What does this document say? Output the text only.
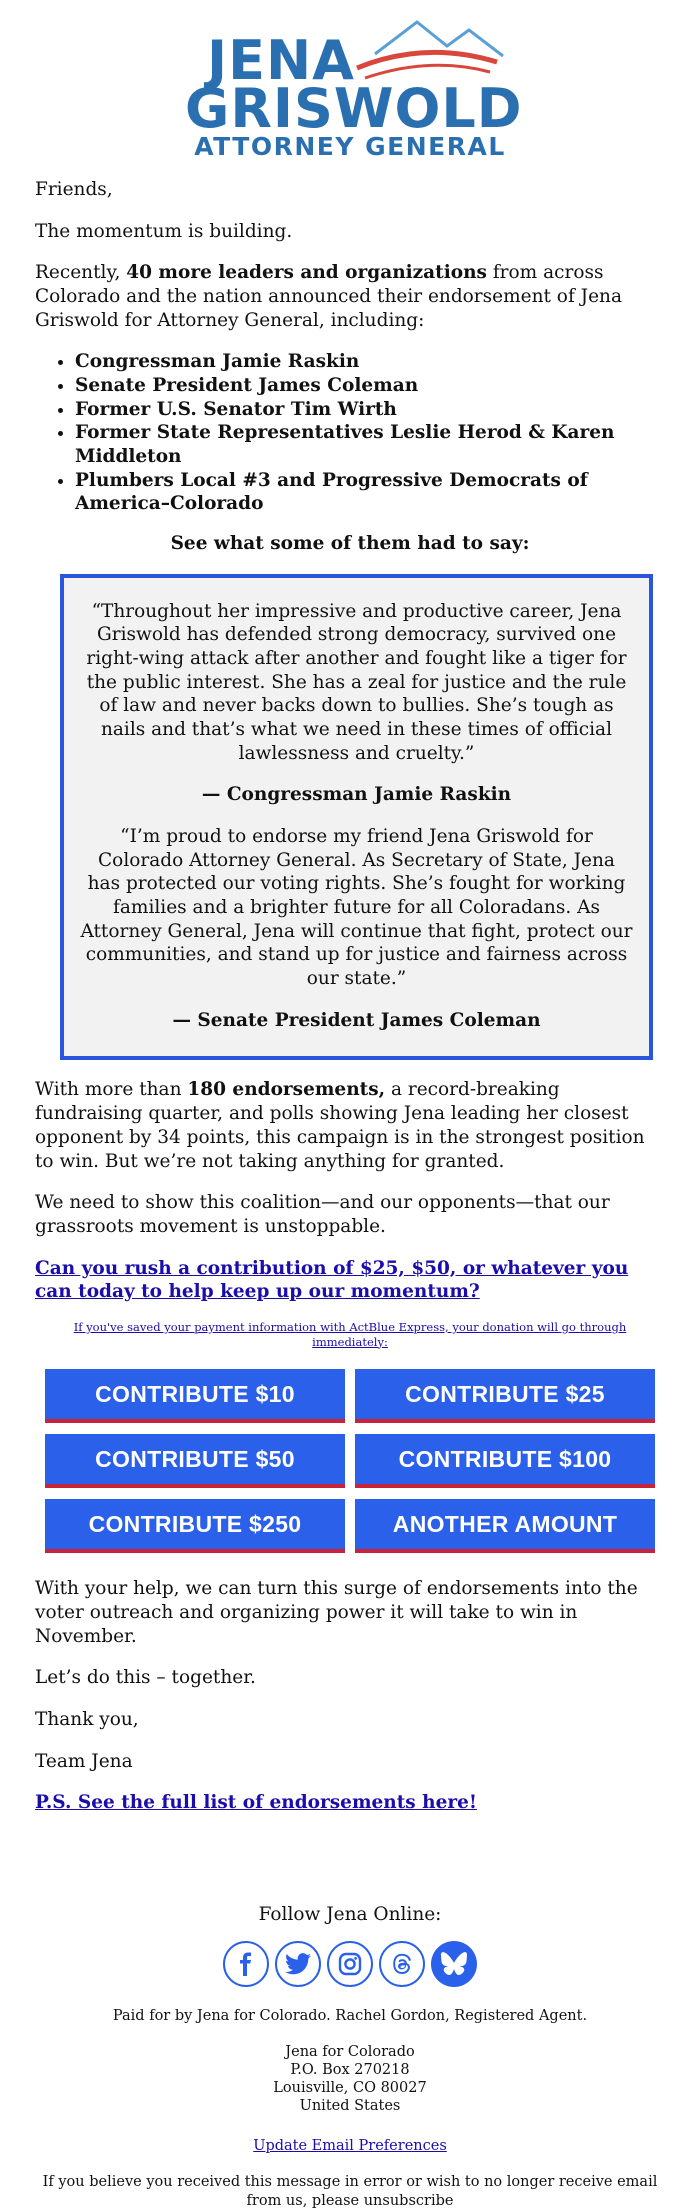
JENA
GRISWOLD
ATTORNEY GENERAL

Friends,

The momentum is building.

Recently, 40 more leaders and organizations from across Colorado and the nation announced their endorsement of Jena Griswold for Attorney General, including:

• Congressman Jamie Raskin
• Senate President James Coleman
• Former U.S. Senator Tim Wirth
• Former State Representatives Leslie Herod & Karen Middleton
• Plumbers Local #3 and Progressive Democrats of America–Colorado
See what some of them had to say:
“Throughout her impressive and productive career, Jena Griswold has defended strong democracy, survived one right-wing attack after another and fought like a tiger for the public interest. She has a zeal for justice and the rule of law and never backs down to bullies. She’s tough as nails and that’s what we need in these times of official lawlessness and cruelty.”
— Congressman Jamie Raskin
“I’m proud to endorse my friend Jena Griswold for Colorado Attorney General. As Secretary of State, Jena has protected our voting rights. She’s fought for working families and a brighter future for all Coloradans. As Attorney General, Jena will continue that fight, protect our communities, and stand up for justice and fairness across our state.”
— Senate President James Coleman

With more than 180 endorsements, a record-breaking fundraising quarter, and polls showing Jena leading her closest opponent by 34 points, this campaign is in the strongest position to win. But we’re not taking anything for granted.

We need to show this coalition—and our opponents—that our grassroots movement is unstoppable.

Can you rush a contribution of $25, $50, or whatever you can today to help keep up our momentum?
If you've saved your payment information with ActBlue Express, your donation will go through immediately:
CONTRIBUTE $10	CONTRIBUTE $25
CONTRIBUTE $50	CONTRIBUTE $100
CONTRIBUTE $250	ANOTHER AMOUNT

With your help, we can turn this surge of endorsements into the voter outreach and organizing power it will take to win in November.

Let’s do this – together.

Thank you,

Team Jena

P.S. See the full list of endorsements here!
Follow Jena Online:
Paid for by Jena for Colorado. Rachel Gordon, Registered Agent.
Jena for Colorado
P.O. Box 270218
Louisville, CO 80027
United States
Update Email Preferences
If you believe you received this message in error or wish to no longer receive email from us, please unsubscribe
